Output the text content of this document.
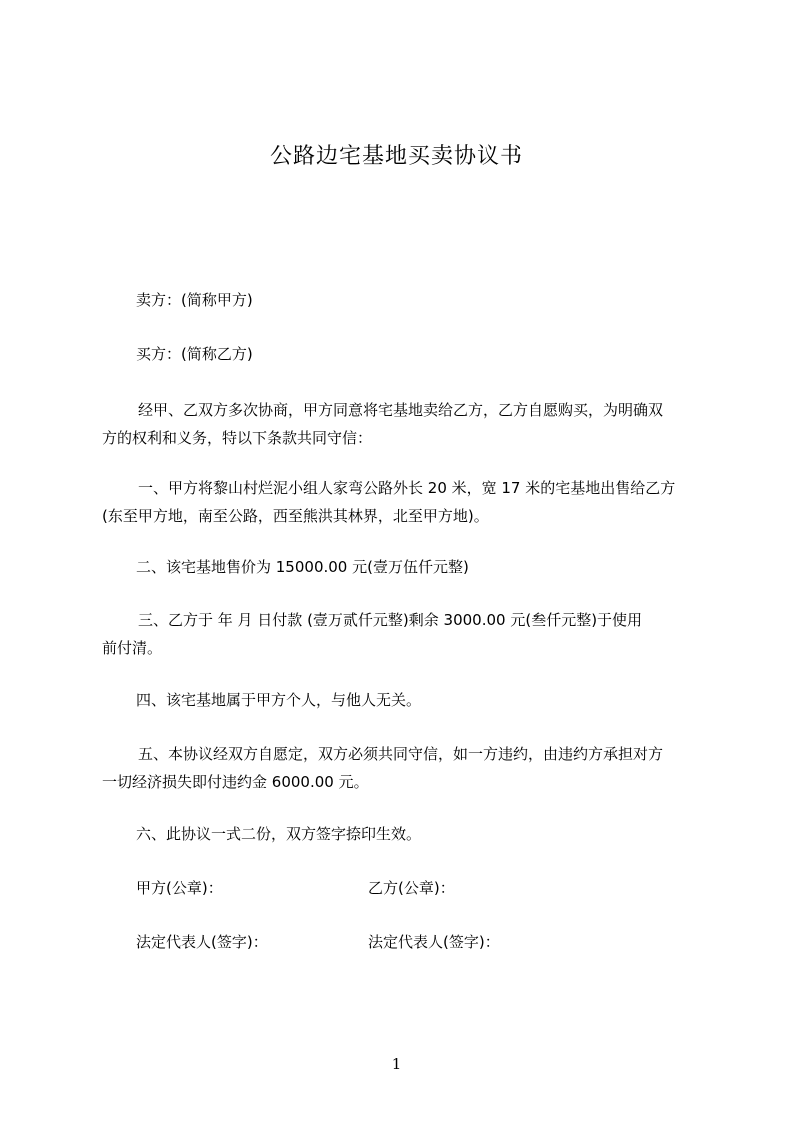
公路边宅基地买卖协议书
卖方：(简称甲方)
买方：(简称乙方)
经甲、乙双方多次协商，甲方同意将宅基地卖给乙方，乙方自愿购买，为明确双
方的权利和义务，特以下条款共同守信：
一、甲方将黎山村烂泥小组人家弯公路外长 20 米，宽 17 米的宅基地出售给乙方
(东至甲方地，南至公路，西至熊洪其林界，北至甲方地)。
二、该宅基地售价为 15000.00 元(壹万伍仟元整)
三、乙方于 年 月 日付款 (壹万贰仟元整)剩余 3000.00 元(叁仟元整)于使用
前付清。
四、该宅基地属于甲方个人，与他人无关。
五、本协议经双方自愿定，双方必须共同守信，如一方违约，由违约方承担对方
一切经济损失即付违约金 6000.00 元。
六、此协议一式二份，双方签字捺印生效。
甲方(公章)：	乙方(公章)：
法定代表人(签字)：	法定代表人(签字)：
1
